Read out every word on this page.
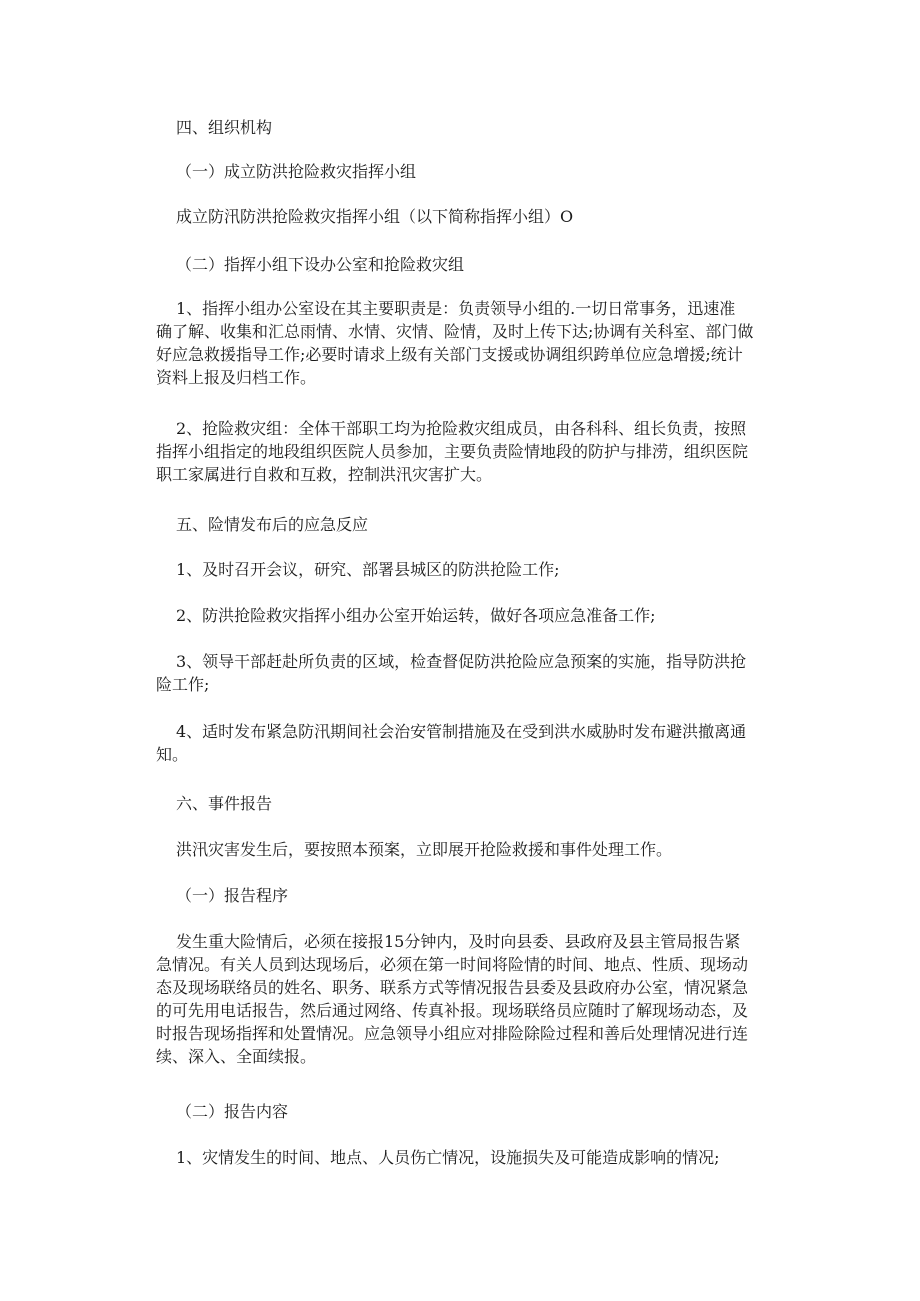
四、组织机构

（一）成立防洪抢险救灾指挥小组

成立防汛防洪抢险救灾指挥小组（以下简称指挥小组）O

（二）指挥小组下设办公室和抢险救灾组

1、指挥小组办公室设在其主要职责是：负责领导小组的.一切日常事务，迅速准
确了解、收集和汇总雨情、水情、灾情、险情，及时上传下达;协调有关科室、部门做
好应急救援指导工作;必要时请求上级有关部门支援或协调组织跨单位应急增援;统计
资料上报及归档工作。
2、抢险救灾组：全体干部职工均为抢险救灾组成员，由各科科、组长负责，按照
指挥小组指定的地段组织医院人员参加，主要负责险情地段的防护与排涝，组织医院
职工家属进行自救和互救，控制洪汛灾害扩大。

五、险情发布后的应急反应

1、及时召开会议，研究、部署县城区的防洪抢险工作;

2、防洪抢险救灾指挥小组办公室开始运转，做好各项应急准备工作;

3、领导干部赶赴所负责的区域，检查督促防洪抢险应急预案的实施，指导防洪抢
险工作;
4、适时发布紧急防汛期间社会治安管制措施及在受到洪水威胁时发布避洪撤离通
知。

六、事件报告

洪汛灾害发生后，要按照本预案，立即展开抢险救援和事件处理工作。

（一）报告程序

发生重大险情后，必须在接报15分钟内，及时向县委、县政府及县主管局报告紧
急情况。有关人员到达现场后，必须在第一时间将险情的时间、地点、性质、现场动
态及现场联络员的姓名、职务、联系方式等情况报告县委及县政府办公室，情况紧急
的可先用电话报告，然后通过网络、传真补报。现场联络员应随时了解现场动态，及
时报告现场指挥和处置情况。应急领导小组应对排险除险过程和善后处理情况进行连
续、深入、全面续报。

（二）报告内容

1、灾情发生的时间、地点、人员伤亡情况，设施损失及可能造成影响的情况;
